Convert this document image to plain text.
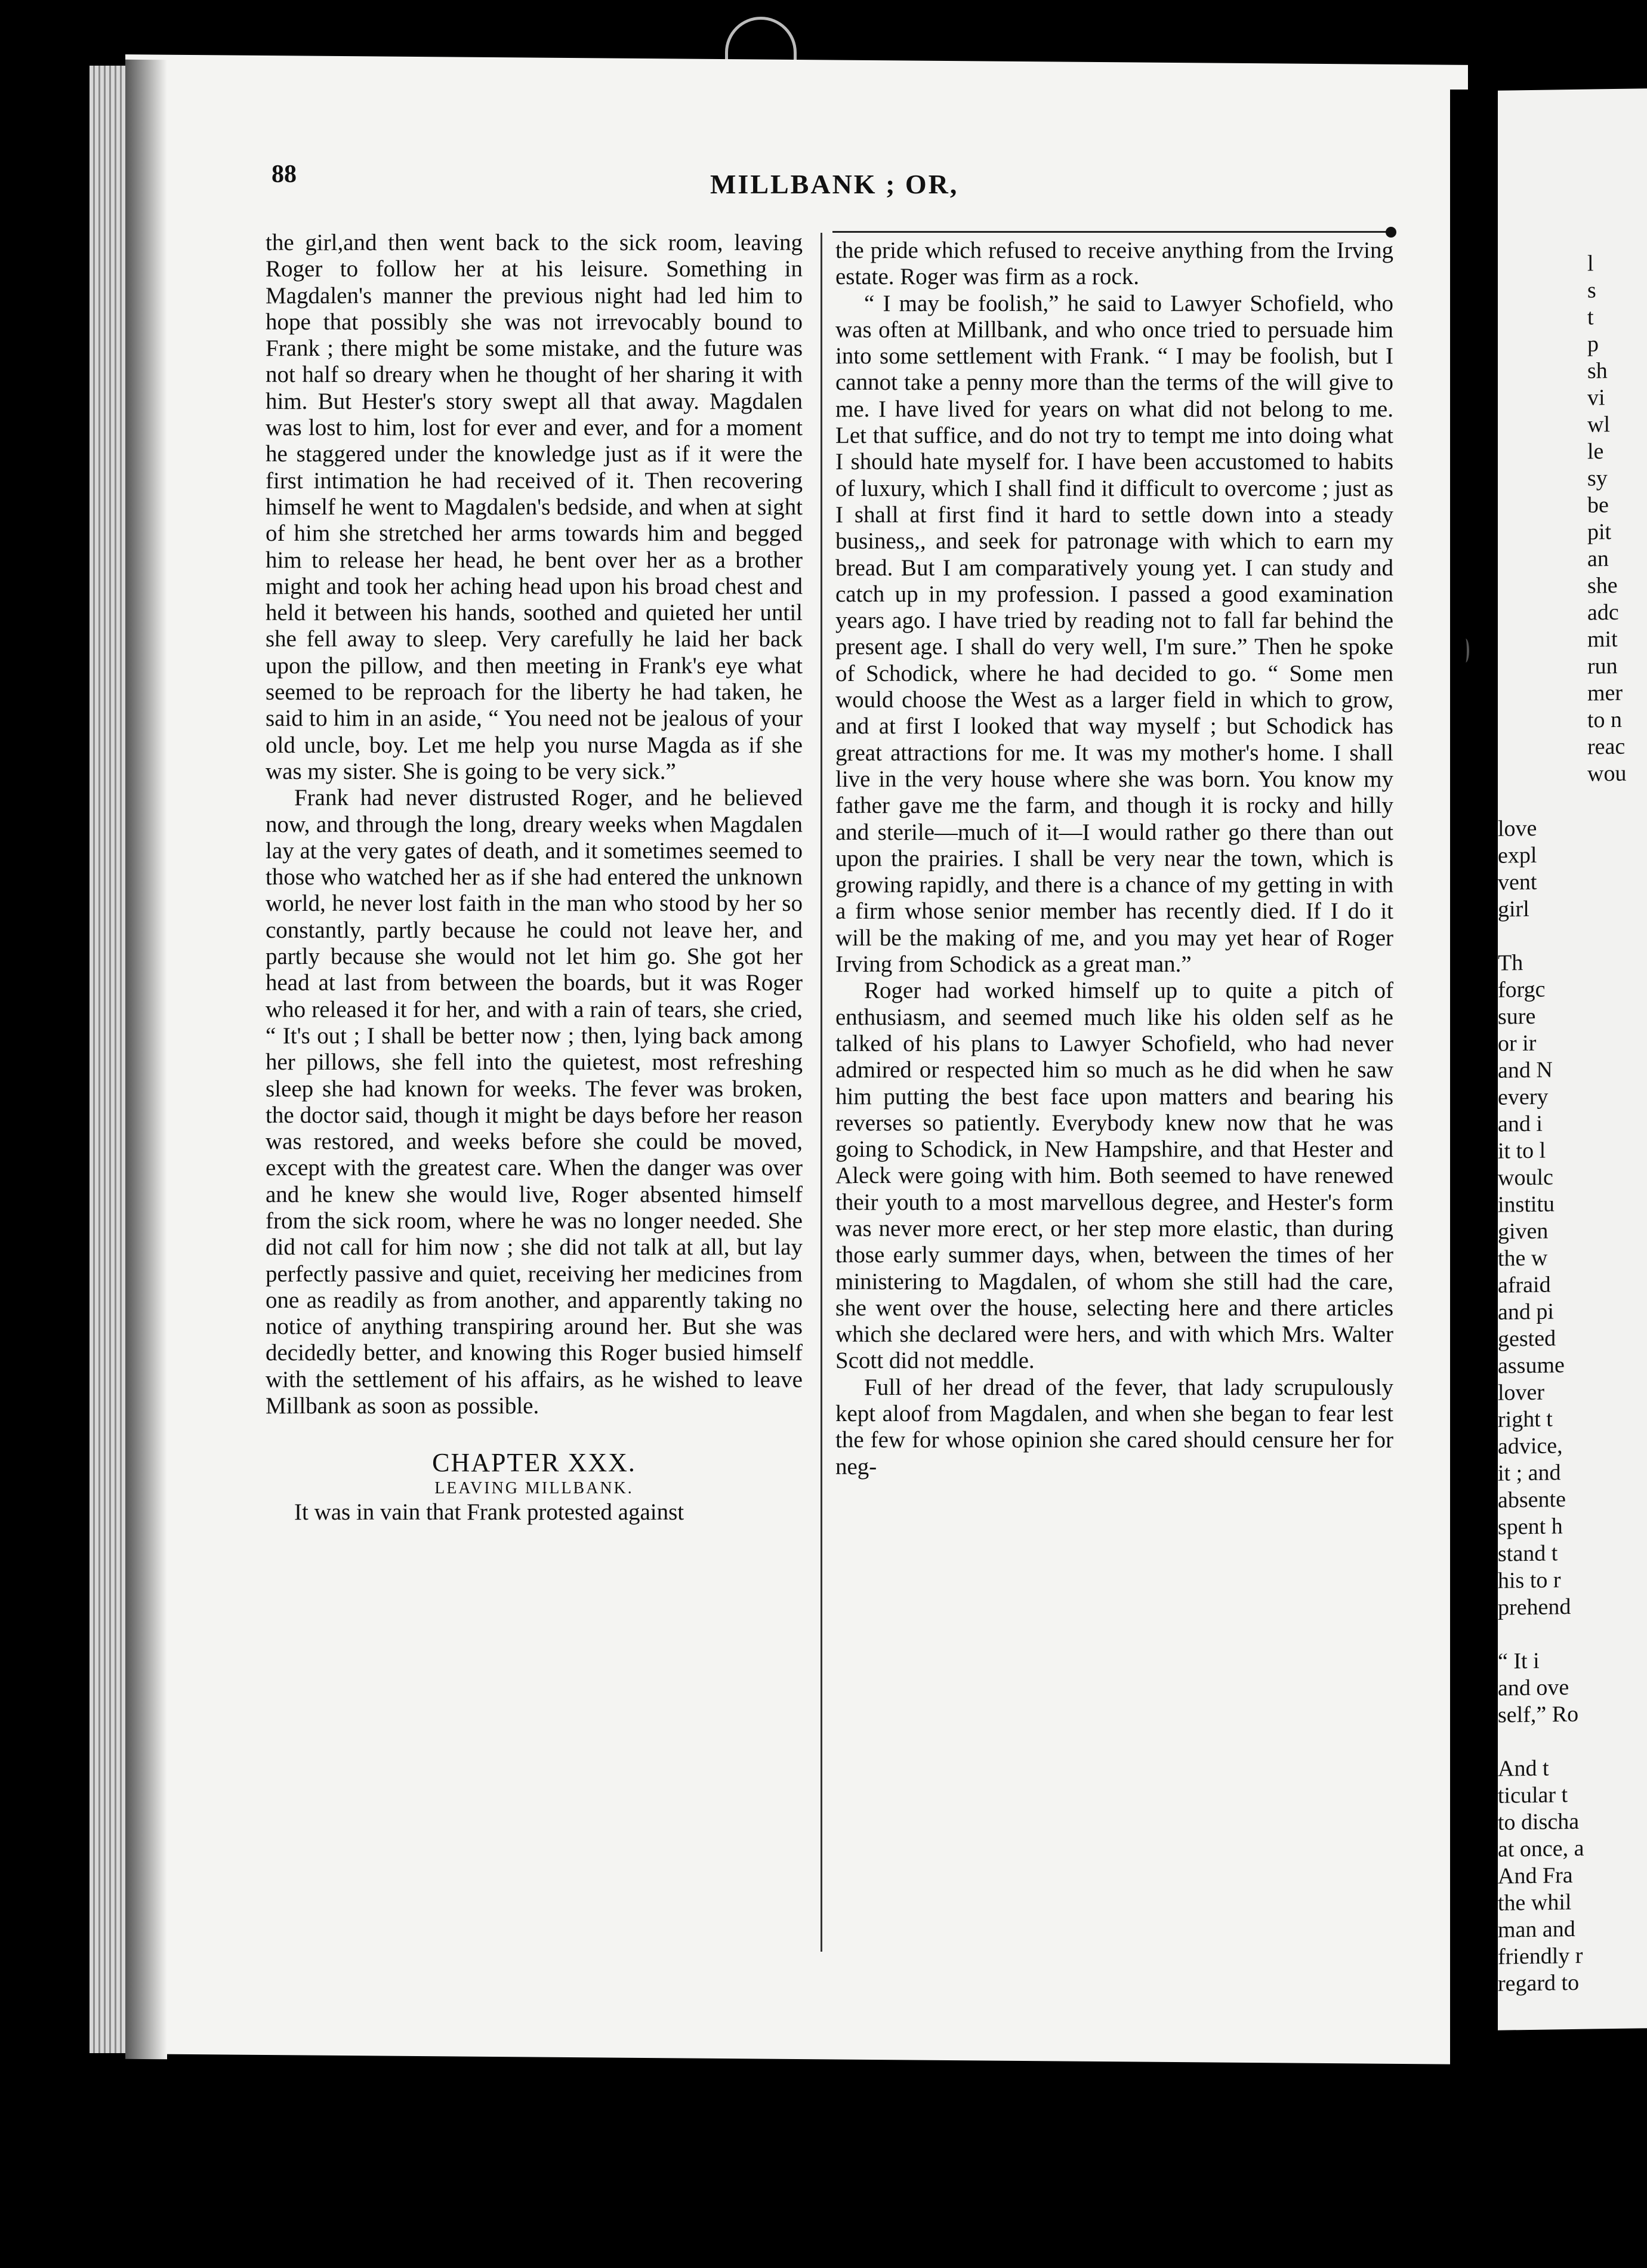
l
s
t
p
sh
vi
wl
le
sy
be
pit
an
she
adc
mit
run
mer
to n
reac
wou
love
expl
vent
girl
Th
forgc
sure
or ir
and N
every
and i
it to l
woulc
institu
given
the w
afraid
and pi
gested
assume
lover
right t
advice,
it ; and
absente
spent h
stand t
his to r
prehend
“ It i
and ove
self,” Ro
And t
ticular t
to discha
at once, a
And Fra
the whil
man and
friendly r
regard to
88	MILLBANK ; OR,

the girl,and then went back to the sick room, leaving Roger to follow her at his leisure. Something in Magdalen's manner the previous night had led him to hope that possibly she was not irrevocably bound to Frank ; there might be some mistake, and the future was not half so dreary when he thought of her sharing it with him. But Hester's story swept all that away. Magdalen was lost to him, lost for ever and ever, and for a moment he staggered under the knowledge just as if it were the first intimation he had received of it. Then recovering himself he went to Magdalen's bedside, and when at sight of him she stretched her arms towards him and begged him to release her head, he bent over her as a brother might and took her aching head upon his broad chest and held it between his hands, soothed and quieted her until she fell away to sleep. Very carefully he laid her back upon the pillow, and then meeting in Frank's eye what seemed to be reproach for the liberty he had taken, he said to him in an aside, “ You need not be jealous of your old uncle, boy. Let me help you nurse Magda as if she was my sister. She is going to be very sick.”

Frank had never distrusted Roger, and he believed now, and through the long, dreary weeks when Magdalen lay at the very gates of death, and it sometimes seemed to those who watched her as if she had entered the unknown world, he never lost faith in the man who stood by her so constantly, partly because he could not leave her, and partly because she would not let him go. She got her head at last from between the boards, but it was Roger who released it for her, and with a rain of tears, she cried, “ It's out ; I shall be better now ; then, lying back among her pillows, she fell into the quietest, most refreshing sleep she had known for weeks. The fever was broken, the doctor said, though it might be days before her reason was restored, and weeks before she could be moved, except with the greatest care. When the danger was over and he knew she would live, Roger absented himself from the sick room, where he was no longer needed. She did not call for him now ; she did not talk at all, but lay perfectly passive and quiet, receiving her medicines from one as readily as from another, and apparently taking no notice of anything transpiring around her. But she was decidedly better, and knowing this Roger busied himself with the settlement of his affairs, as he wished to leave Millbank as soon as possible.

CHAPTER XXX.
LEAVING MILLBANK.

It was in vain that Frank protested against

the pride which refused to receive anything from the Irving estate. Roger was firm as a rock.

“ I may be foolish,” he said to Lawyer Schofield, who was often at Millbank, and who once tried to persuade him into some settlement with Frank. “ I may be foolish, but I cannot take a penny more than the terms of the will give to me. I have lived for years on what did not belong to me. Let that suffice, and do not try to tempt me into doing what I should hate myself for. I have been accustomed to habits of luxury, which I shall find it difficult to overcome ; just as I shall at first find it hard to settle down into a steady business,, and seek for patronage with which to earn my bread. But I am comparatively young yet. I can study and catch up in my profession. I passed a good examination years ago. I have tried by reading not to fall far behind the present age. I shall do very well, I'm sure.” Then he spoke of Schodick, where he had decided to go. “ Some men would choose the West as a larger field in which to grow, and at first I looked that way myself ; but Schodick has great attractions for me. It was my mother's home. I shall live in the very house where she was born. You know my father gave me the farm, and though it is rocky and hilly and sterile—much of it—I would rather go there than out upon the prairies. I shall be very near the town, which is growing rapidly, and there is a chance of my getting in with a firm whose senior member has recently died. If I do it will be the making of me, and you may yet hear of Roger Irving from Schodick as a great man.”

Roger had worked himself up to quite a pitch of enthusiasm, and seemed much like his olden self as he talked of his plans to Lawyer Schofield, who had never admired or respected him so much as he did when he saw him putting the best face upon matters and bearing his reverses so patiently. Everybody knew now that he was going to Schodick, in New Hampshire, and that Hester and Aleck were going with him. Both seemed to have renewed their youth to a most marvellous degree, and Hester's form was never more erect, or her step more elastic, than during those early summer days, when, between the times of her ministering to Magdalen, of whom she still had the care, she went over the house, selecting here and there articles which she declared were hers, and with which Mrs. Walter Scott did not meddle.

Full of her dread of the fever, that lady scrupulously kept aloof from Magdalen, and when she began to fear lest the few for whose opinion she cared should censure her for neg-
